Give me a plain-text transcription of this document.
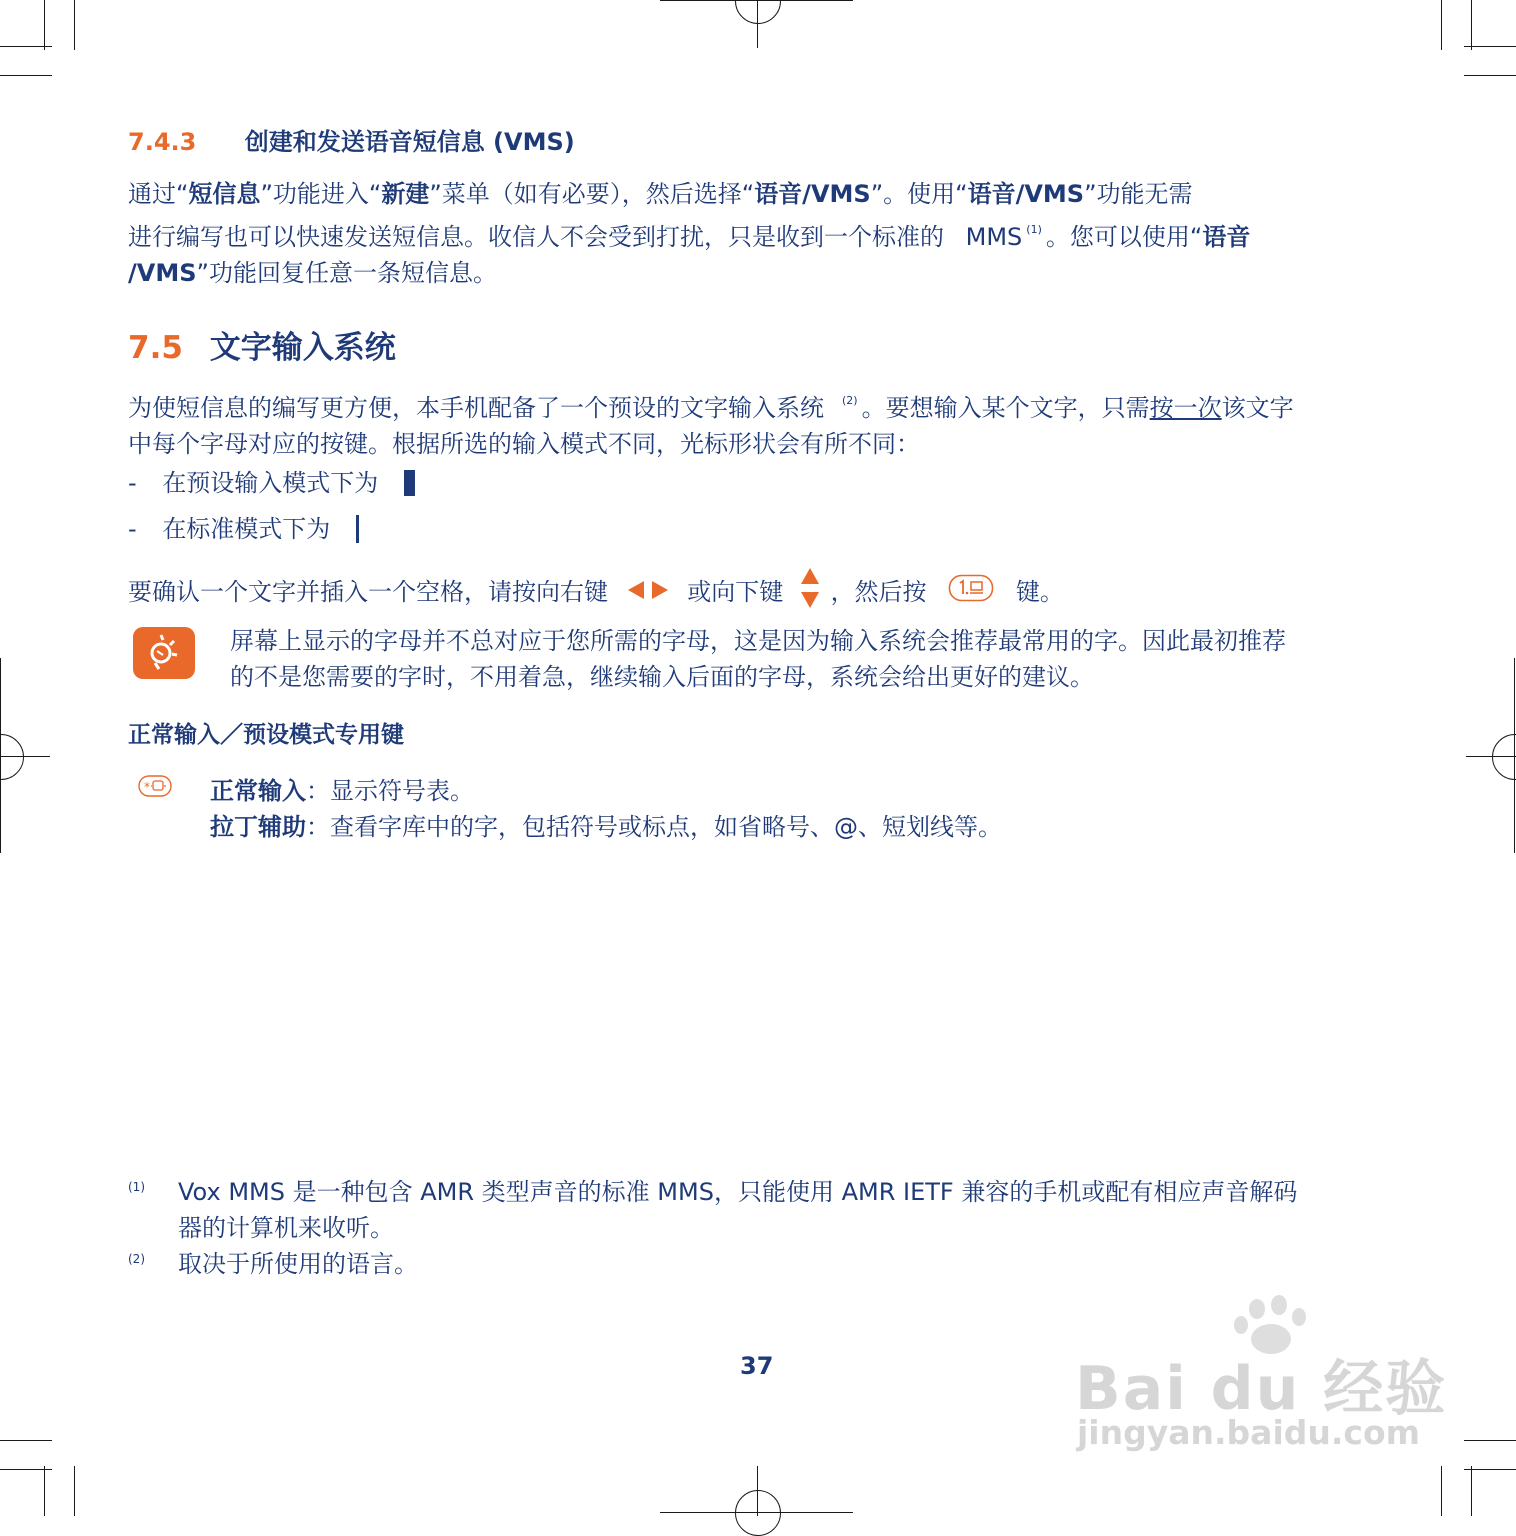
7.4.3 创建和发送语音短信息 (VMS)

通过“短信息”功能进入“新建”菜单（如有必要），然后选择“语音/VMS”。使用“语音/VMS”功能无需

进行编写也可以快速发送短信息。收信人不会受到打扰，只是收到一个标准的 MMS $^{(1)}$ 。您可以使用“语音

/VMS”功能回复任意一条短信息。

7.5 文字输入系统

为使短信息的编写更方便，本手机配备了一个预设的文字输入系统 $^{(2)}$ 。要想输入某个文字，只需按一次该文字

中每个字母对应的按键。根据所选的输入模式不同，光标形状会有所不同：

- 在预设输入模式下为
- 在标准模式下为
要确认一个文字并插入一个空格，请按向右键	或向下键 ，然后按	键。

屏幕上显示的字母并不总对应于您所需的字母，这是因为输入系统会推荐最常用的字。因此最初推荐

的不是您需要的字时，不用着急，继续输入后面的字母，系统会给出更好的建议。

正常输入／预设模式专用键
*	正常输入：显示符号表。

拉丁辅助：查看字库中的字，包括符号或标点，如省略号、@、短划线等。

(1) Vox MMS 是一种包含 AMR 类型声音的标准 MMS，只能使用 AMR IETF 兼容的手机或配有相应声音解码

器的计算机来收听。

(2) 取决于所使用的语言。

37	Bai du 经验
jingyan.baidu.com
